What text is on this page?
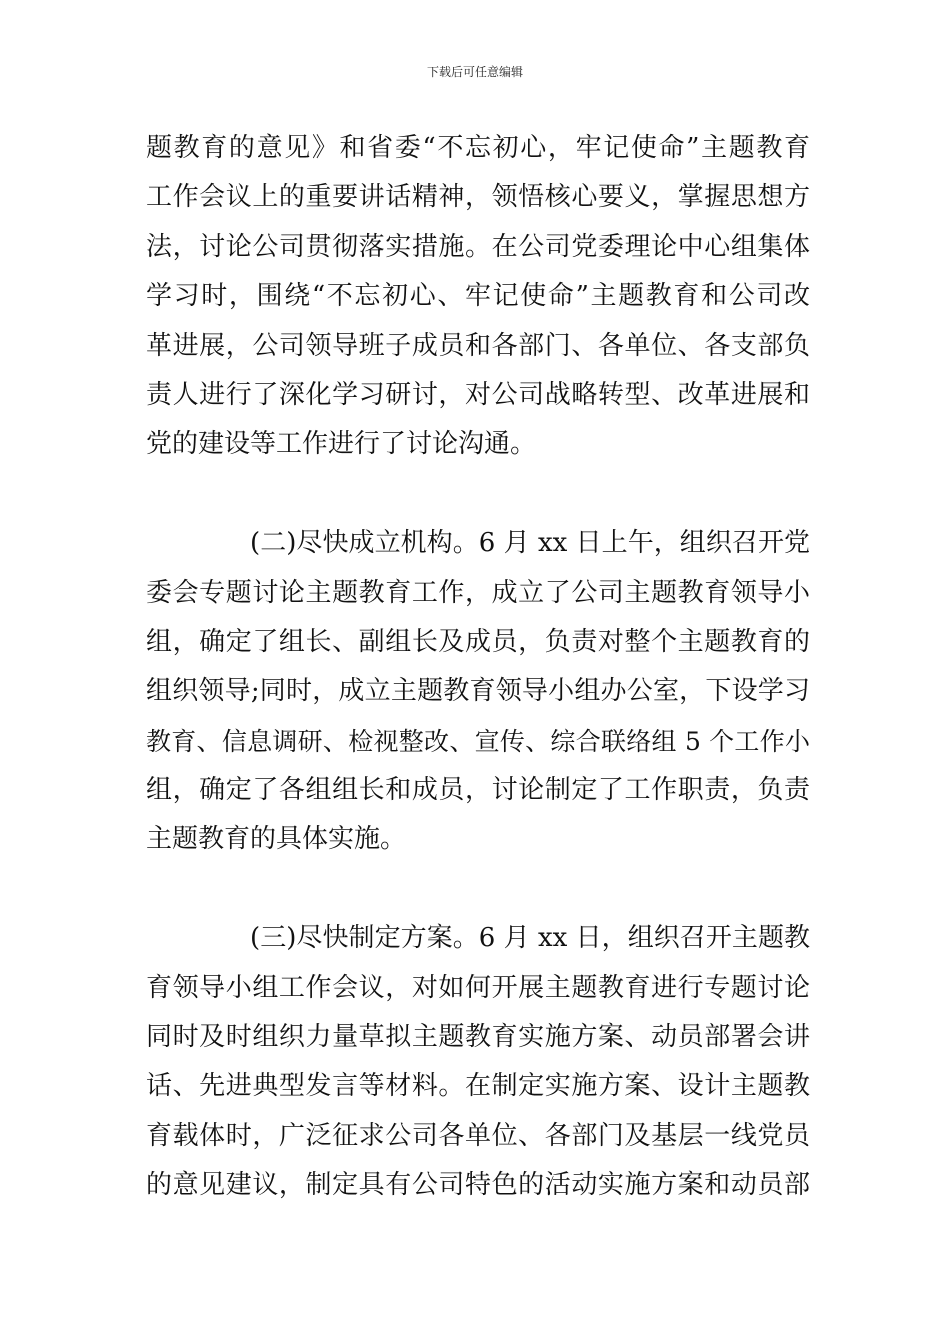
下载后可任意编辑
题教育的意见》和省委“不忘初心，牢记使命”主题教育
工作会议上的重要讲话精神，领悟核心要义，掌握思想方
法，讨论公司贯彻落实措施。在公司党委理论中心组集体
学习时，围绕“不忘初心、牢记使命”主题教育和公司改
革进展，公司领导班子成员和各部门、各单位、各支部负
责人进行了深化学习研讨，对公司战略转型、改革进展和
党的建设等工作进行了讨论沟通。
(二)尽快成立机构。6 月 xx 日上午，组织召开党
委会专题讨论主题教育工作，成立了公司主题教育领导小
组，确定了组长、副组长及成员，负责对整个主题教育的
组织领导;同时，成立主题教育领导小组办公室，下设学习
教育、信息调研、检视整改、宣传、综合联络组 5 个工作小
组，确定了各组组长和成员，讨论制定了工作职责，负责
主题教育的具体实施。
(三)尽快制定方案。6 月 xx 日，组织召开主题教
育领导小组工作会议，对如何开展主题教育进行专题讨论
同时及时组织力量草拟主题教育实施方案、动员部署会讲
话、先进典型发言等材料。在制定实施方案、设计主题教
育载体时，广泛征求公司各单位、各部门及基层一线党员
的意见建议，制定具有公司特色的活动实施方案和动员部
